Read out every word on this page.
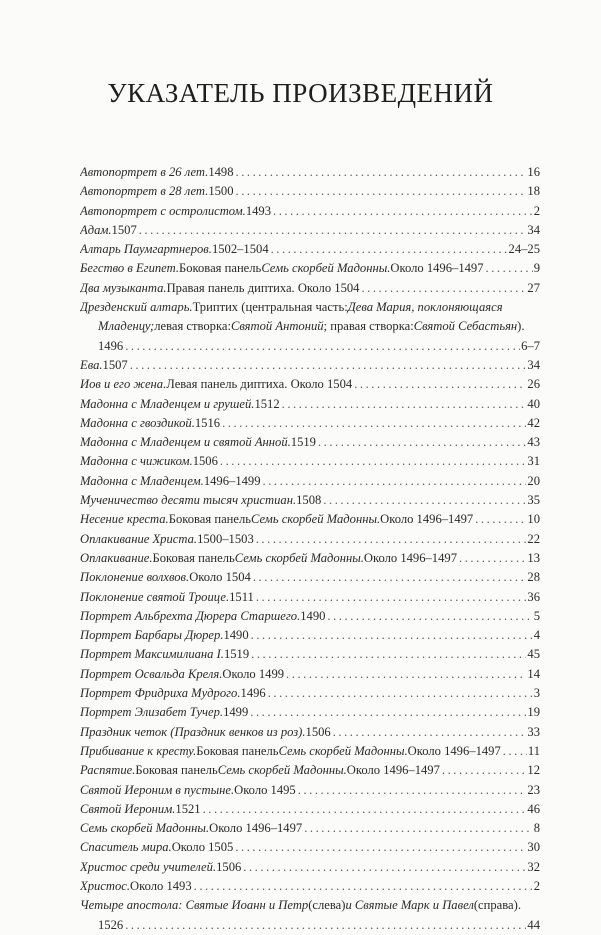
УКАЗАТЕЛЬ ПРОИЗВЕДЕНИЙ
Автопортрет в 26 лет. 1498 . . .	16
Автопортрет в 28 лет. 1500 . . .	18
Автопортрет с остролистом. 1493 . . .	2
Адам. 1507 . . .	34
Алтарь Паумгартнеров. 1502–1504 . . .	24–25
Бегство в Египет. Боковая панель Семь скорбей Мадонны. Около 1496–1497 . . .	9
Два музыканта. Правая панель диптиха. Около 1504 . . .	27
Дрезденский алтарь. Триптих (центральная часть: Дева Мария, поклоняющаяся
Младенцу; левая створка: Святой Антоний ; правая створка: Святой Себастьян ).
1496 . . .	6–7
Ева. 1507 . . .	34
Иов и его жена. Левая панель диптиха. Около 1504 . . .	26
Мадонна с Младенцем и грушей. 1512 . . .	40
Мадонна с гвоздикой. 1516 . . .	42
Мадонна с Младенцем и святой Анной. 1519 . . .	43
Мадонна с чижиком. 1506 . . .	31
Мадонна с Младенцем. 1496–1499 . . .	20
Мученичество десяти тысяч христиан. 1508 . . .	35
Несение креста. Боковая панель Семь скорбей Мадонны. Около 1496–1497 . . .	10
Оплакивание Христа. 1500–1503 . . .	22
Оплакивание. Боковая панель Семь скорбей Мадонны. Около 1496–1497 . . .	13
Поклонение волхвов. Около 1504 . . .	28
Поклонение святой Троице. 1511 . . .	36
Портрет Альбрехта Дюрера Старшего. 1490 . . .	5
Портрет Барбары Дюрер. 1490 . . .	4
Портрет Максимилиана I. 1519 . . .	45
Портрет Освальда Креля. Около 1499 . . .	14
Портрет Фридриха Мудрого. 1496 . . .	3
Портрет Элизабет Тучер. 1499 . . .	19
Праздник четок (Праздник венков из роз). 1506 . . .	33
Прибивание к кресту. Боковая панель Семь скорбей Мадонны. Около 1496–1497 . . . 11
Распятие. Боковая панель Семь скорбей Мадонны. Около 1496–1497 . . .	12
Святой Иероним в пустыне. Около 1495 . . .	23
Святой Иероним. 1521 . . .	46
Семь скорбей Мадонны. Около 1496–1497 . . .	8
Спаситель мира. Около 1505 . . .	30
Христос среди учителей. 1506 . . .	32
Христос. Около 1493 . . .	2
Четыре апостола: Святые Иоанн и Петр (слева) и Святые Марк и Павел (справа).
1526 . . .	44
